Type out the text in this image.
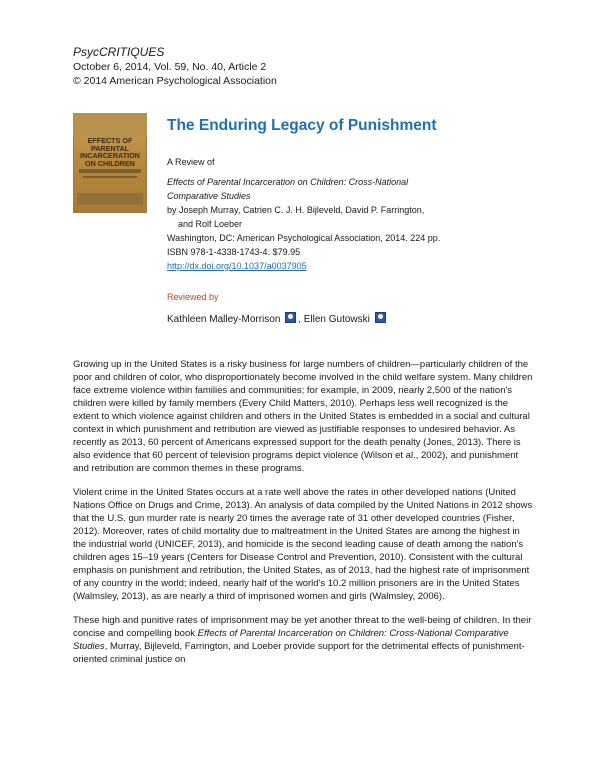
PsycCRITIQUES
October 6, 2014, Vol. 59, No. 40, Article 2
© 2014 American Psychological Association
EFFECTS OF
PARENTAL
INCARCERATION
ON CHILDREN
The Enduring Legacy of Punishment
A Review of
Effects of Parental Incarceration on Children: Cross-National
Comparative Studies
by Joseph Murray, Catrien C. J. H. Bijleveld, David P. Farrington,
and Rolf Loeber
Washington, DC: American Psychological Association, 2014. 224 pp.
ISBN 978-1-4338-1743-4. $79.95
http://dx.doi.org/10.1037/a0037905
Reviewed by
Kathleen Malley-Morrison , Ellen Gutowski

Growing up in the United States is a risky business for large numbers of children—particularly children of the poor and children of color, who disproportionately become involved in the child welfare system. Many children face extreme violence within families and communities; for example, in 2009, nearly 2,500 of the nation's children were killed by family members (Every Child Matters, 2010). Perhaps less well recognized is the extent to which violence against children and others in the United States is embedded in a social and cultural context in which punishment and retribution are viewed as justifiable responses to undesired behavior. As recently as 2013, 60 percent of Americans expressed support for the death penalty (Jones, 2013). There is also evidence that 60 percent of television programs depict violence (Wilson et al., 2002), and punishment and retribution are common themes in these programs.

Violent crime in the United States occurs at a rate well above the rates in other developed nations (United Nations Office on Drugs and Crime, 2013). An analysis of data compiled by the United Nations in 2012 shows that the U.S. gun murder rate is nearly 20 times the average rate of 31 other developed countries (Fisher, 2012). Moreover, rates of child mortality due to maltreatment in the United States are among the highest in the industrial world (UNICEF, 2013), and homicide is the second leading cause of death among the nation's children ages 15–19 years (Centers for Disease Control and Prevention, 2010). Consistent with the cultural emphasis on punishment and retribution, the United States, as of 2013, had the highest rate of imprisonment of any country in the world; indeed, nearly half of the world's 10.2 million prisoners are in the United States (Walmsley, 2013), as are nearly a third of imprisoned women and girls (Walmsley, 2006).

These high and punitive rates of imprisonment may be yet another threat to the well-being of children. In their concise and compelling book Effects of Parental Incarceration on Children: Cross-National Comparative Studies, Murray, Bijleveld, Farrington, and Loeber provide support for the detrimental effects of punishment-oriented criminal justice on
